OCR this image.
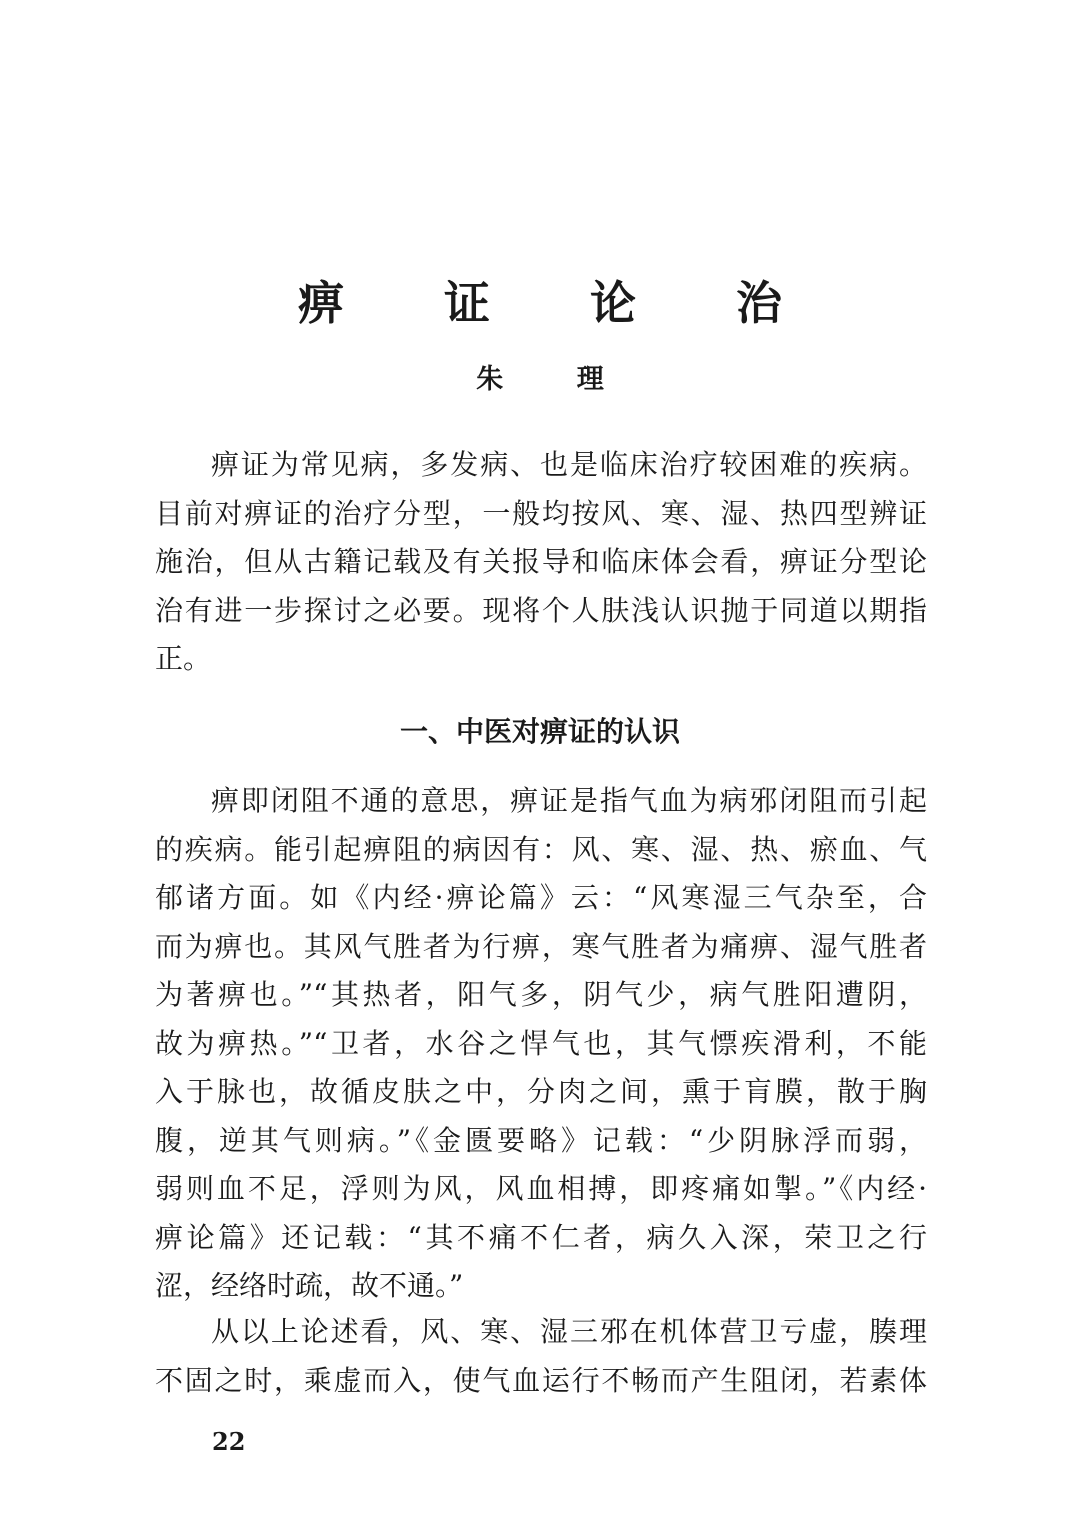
痹 证 论 治

朱 理

痹证为常见病，多发病、也是临床治疗较困难的疾病。
目前对痹证的治疗分型，一般均按风、寒、湿、热四型辨证
施治，但从古籍记载及有关报导和临床体会看，痹证分型论
治有进一步探讨之必要。现将个人肤浅认识抛于同道以期指
正。
一、中医对痹证的认识
痹即闭阻不通的意思，痹证是指气血为病邪闭阻而引起
的疾病。能引起痹阻的病因有：风、寒、湿、热、瘀血、气
郁诸方面。如《内经·痹论篇》云：“风寒湿三气杂至，合
而为痹也。其风气胜者为行痹，寒气胜者为痛痹、湿气胜者
为著痹也。”“其热者，阳气多，阴气少，病气胜阳遭阴，
故为痹热。”“卫者，水谷之悍气也，其气慓疾滑利，不能
入于脉也，故循皮肤之中，分肉之间，熏于肓膜，散于胸
腹，逆其气则病。”《金匮要略》记载：“少阴脉浮而弱，
弱则血不足，浮则为风，风血相搏，即疼痛如掣。”《内经·
痹论篇》还记载：“其不痛不仁者，病久入深，荣卫之行
涩，经络时疏，故不通。”
从以上论述看，风、寒、湿三邪在机体营卫亏虚，腠理
不固之时，乘虚而入，使气血运行不畅而产生阻闭，若素体

22
